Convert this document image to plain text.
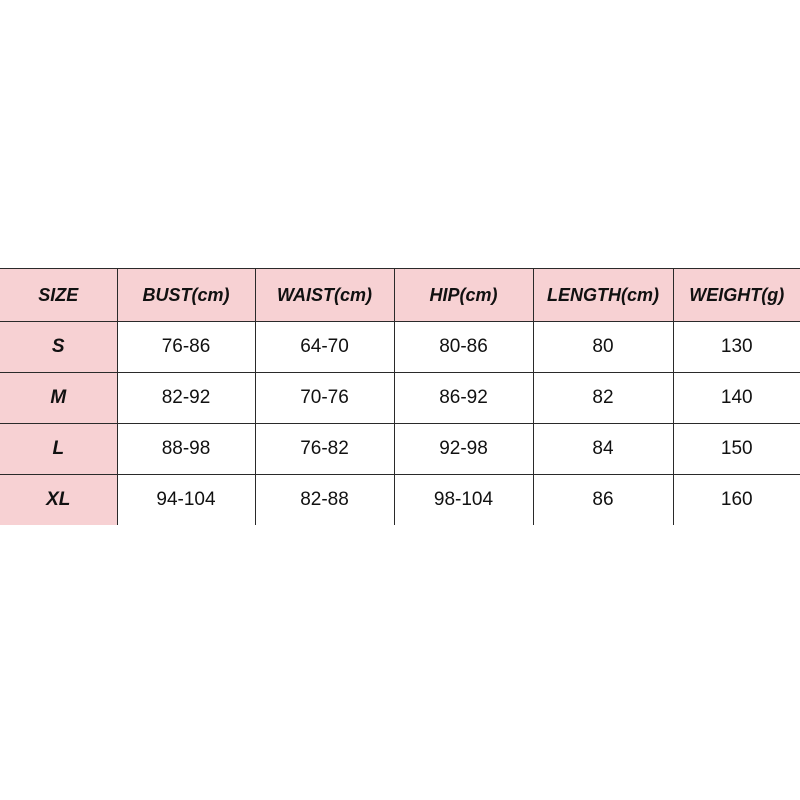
SIZE	BUST(cm)	WAIST(cm)	HIP(cm)	LENGTH(cm)	WEIGHT(g)
S	76-86	64-70	80-86	80	130
M	82-92	70-76	86-92	82	140
L	88-98	76-82	92-98	84	150
XL	94-104	82-88	98-104	86	160
